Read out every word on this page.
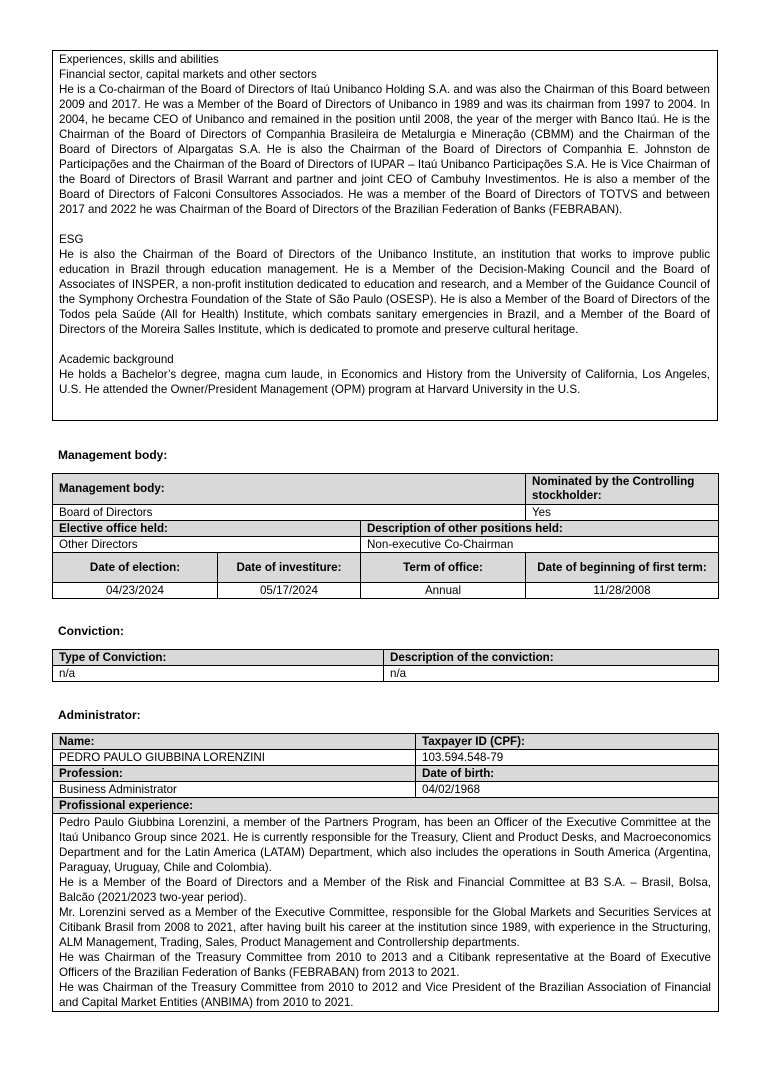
Experiences, skills and abilities
Financial sector, capital markets and other sectors
He is a Co-chairman of the Board of Directors of Itaú Unibanco Holding S.A. and was also the Chairman of this Board between 2009 and 2017. He was a Member of the Board of Directors of Unibanco in 1989 and was its chairman from 1997 to 2004. In 2004, he became CEO of Unibanco and remained in the position until 2008, the year of the merger with Banco Itaú. He is the Chairman of the Board of Directors of Companhia Brasileira de Metalurgia e Mineração (CBMM) and the Chairman of the Board of Directors of Alpargatas S.A. He is also the Chairman of the Board of Directors of Companhia E. Johnston de Participações and the Chairman of the Board of Directors of IUPAR – Itaú Unibanco Participações S.A. He is Vice Chairman of the Board of Directors of Brasil Warrant and partner and joint CEO of Cambuhy Investimentos. He is also a member of the Board of Directors of Falconi Consultores Associados. He was a member of the Board of Directors of TOTVS and between 2017 and 2022 he was Chairman of the Board of Directors of the Brazilian Federation of Banks (FEBRABAN).
ESG
He is also the Chairman of the Board of Directors of the Unibanco Institute, an institution that works to improve public education in Brazil through education management. He is a Member of the Decision-Making Council and the Board of Associates of INSPER, a non-profit institution dedicated to education and research, and a Member of the Guidance Council of the Symphony Orchestra Foundation of the State of São Paulo (OSESP). He is also a Member of the Board of Directors of the Todos pela Saúde (All for Health) Institute, which combats sanitary emergencies in Brazil, and a Member of the Board of Directors of the Moreira Salles Institute, which is dedicated to promote and preserve cultural heritage.
Academic background
He holds a Bachelor’s degree, magna cum laude, in Economics and History from the University of California, Los Angeles, U.S. He attended the Owner/President Management (OPM) program at Harvard University in the U.S.
Management body:
Management body:			Nominated by the Controlling stockholder:
Board of Directors			Yes
Elective office held:		Description of other positions held:	
Other Directors		Non-executive Co-Chairman	
Date of election:	Date of investiture:	Term of office:	Date of beginning of first term:
04/23/2024	05/17/2024	Annual	11/28/2008
Conviction:
Type of Conviction:	Description of the conviction:
n/a	n/a
Administrator:
Name:	Taxpayer ID (CPF):
PEDRO PAULO GIUBBINA LORENZINI	103.594.548-79
Profession:	Date of birth:
Business Administrator	04/02/1968
Profissional experience:	

Pedro Paulo Giubbina Lorenzini, a member of the Partners Program, has been an Officer of the Executive Committee at the Itaú Unibanco Group since 2021. He is currently responsible for the Treasury, Client and Product Desks, and Macroeconomics Department and for the Latin America (LATAM) Department, which also includes the operations in South America (Argentina, Paraguay, Uruguay, Chile and Colombia).

He is a Member of the Board of Directors and a Member of the Risk and Financial Committee at B3 S.A. – Brasil, Bolsa, Balcão (2021/2023 two-year period).

Mr. Lorenzini served as a Member of the Executive Committee, responsible for the Global Markets and Securities Services at Citibank Brasil from 2008 to 2021, after having built his career at the institution since 1989, with experience in the Structuring, ALM Management, Trading, Sales, Product Management and Controllership departments.

He was Chairman of the Treasury Committee from 2010 to 2013 and a Citibank representative at the Board of Executive Officers of the Brazilian Federation of Banks (FEBRABAN) from 2013 to 2021.

He was Chairman of the Treasury Committee from 2010 to 2012 and Vice President of the Brazilian Association of Financial and Capital Market Entities (ANBIMA) from 2010 to 2021.	
